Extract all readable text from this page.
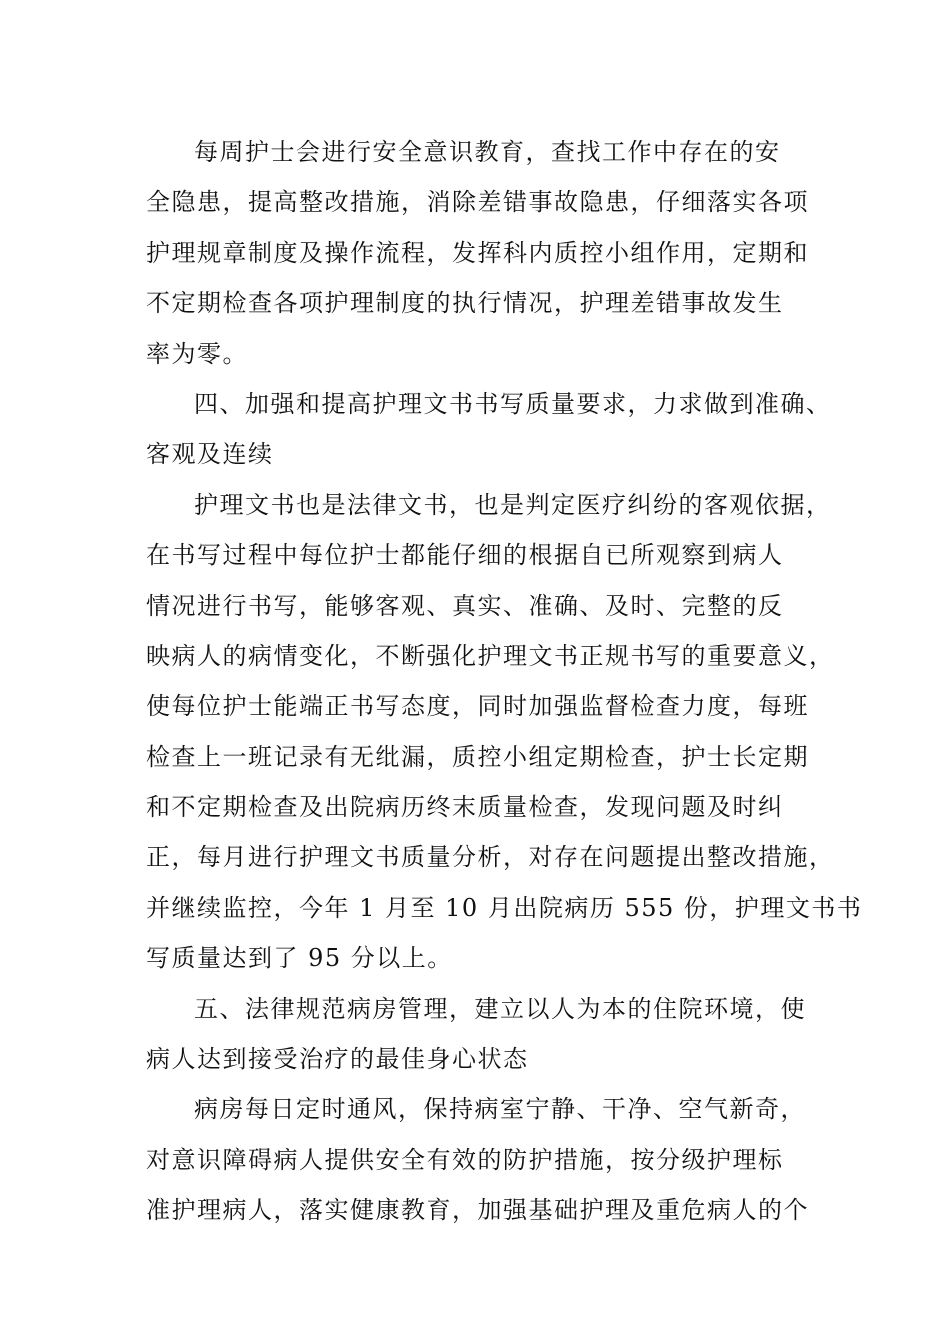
每周护士会进行安全意识教育，查找工作中存在的安
全隐患，提高整改措施，消除差错事故隐患，仔细落实各项
护理规章制度及操作流程，发挥科内质控小组作用，定期和
不定期检查各项护理制度的执行情况，护理差错事故发生
率为零。
四、加强和提高护理文书书写质量要求，力求做到准确、
客观及连续
护理文书也是法律文书，也是判定医疗纠纷的客观依据，
在书写过程中每位护士都能仔细的根据自已所观察到病人
情况进行书写，能够客观、真实、准确、及时、完整的反
映病人的病情变化，不断强化护理文书正规书写的重要意义，
使每位护士能端正书写态度，同时加强监督检查力度，每班
检查上一班记录有无纰漏，质控小组定期检查，护士长定期
和不定期检查及出院病历终末质量检查，发现问题及时纠
正，每月进行护理文书质量分析，对存在问题提出整改措施，
并继续监控，今年 1 月至 10 月出院病历 555 份，护理文书书
写质量达到了 95 分以上。
五、法律规范病房管理，建立以人为本的住院环境，使
病人达到接受治疗的最佳身心状态
病房每日定时通风，保持病室宁静、干净、空气新奇，
对意识障碍病人提供安全有效的防护措施，按分级护理标
准护理病人，落实健康教育，加强基础护理及重危病人的个
